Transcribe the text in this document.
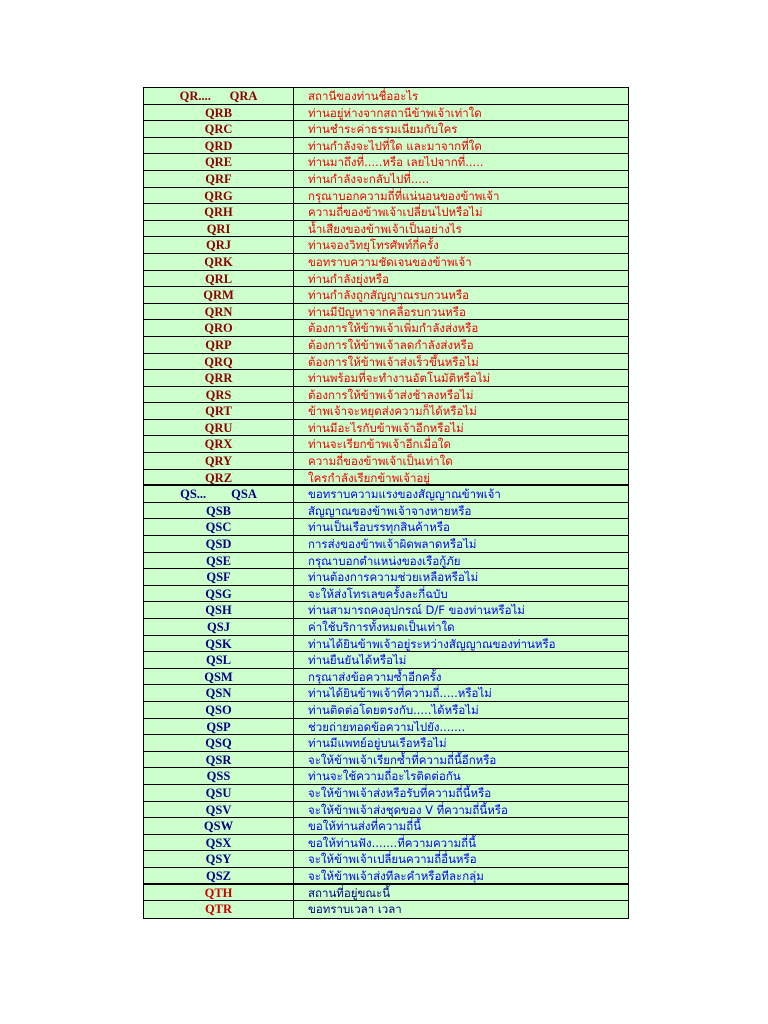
QR....      QRA	สถานีของท่านชื่ออะไร
QRB	ท่านอยู่ห่างจากสถานีข้าพเจ้าเท่าใด
QRC	ท่านชำระค่าธรรมเนียมกับใคร
QRD	ท่านกำลังจะไปที่ใด และมาจากที่ใด
QRE	ท่านมาถึงที่.....หรือ เลยไปจากที่.....
QRF	ท่านกำลังจะกลับไปที่.....
QRG	กรุณาบอกความถี่ที่แน่นอนของข้าพเจ้า
QRH	ความถี่ของข้าพเจ้าเปลี่ยนไปหรือไม่
QRI	น้ำเสียงของข้าพเจ้าเป็นอย่างไร
QRJ	ท่านจองวิทยุโทรศัพท์กี่ครั้ง
QRK	ขอทราบความชัดเจนของข้าพเจ้า
QRL	ท่านกำลังยุ่งหรือ
QRM	ท่านกำลังถูกสัญญาณรบกวนหรือ
QRN	ท่านมีปัญหาจากคลื่อรบกวนหรือ
QRO	ต้องการให้ข้าพเจ้าเพิ่มกำลังส่งหรือ
QRP	ต้องการให้ข้าพเจ้าลดกำลังส่งหรือ
QRQ	ต้องการให้ข้าพเจ้าส่งเร็วขึ้นหรือไม่
QRR	ท่านพร้อมที่จะทำงานอัตโนมัติหรือไม่
QRS	ต้องการให้ข้าพเจ้าส่งช้าลงหรือไม่
QRT	ข้าพเจ้าจะหยุดส่งความก็ได้หรือไม่
QRU	ท่านมีอะไรกับข้าพเจ้าอีกหรือไม่
QRX	ท่านจะเรียกข้าพเจ้าอีกเมื่อใด
QRY	ความถี่ของข้าพเจ้าเป็นเท่าใด
QRZ	ใครกำลังเรียกข้าพเจ้าอยู่
QS...        QSA	ขอทราบความแรงของสัญญาณข้าพเจ้า
QSB	สัญญาณของข้าพเจ้าจางหายหรือ
QSC	ท่านเป็นเรือบรรทุกสินค้าหรือ
QSD	การส่งของข้าพเจ้าผิดพลาดหรือไม่
QSE	กรุณาบอกตำแหน่งของเรือกู้ภัย
QSF	ท่านต้องการความช่วยเหลือหรือไม่
QSG	จะให้ส่งโทรเลขครั้งละกี่ฉบับ
QSH	ท่านสามารถคงอุปกรณ์ D/F ของท่านหรือไม่
QSJ	ค่าใช้บริการทั้งหมดเป็นเท่าใด
QSK	ท่านได้ยินข้าพเจ้าอยู่ระหว่างสัญญาณของท่านหรือ
QSL	ท่านยืนยันได้หรือไม่
QSM	กรุณาส่งข้อความซ้ำอีกครั้ง
QSN	ท่านได้ยินข้าพเจ้าที่ความถี่.....หรือไม่
QSO	ท่านติดต่อโดยตรงกับ.....ได้หรือไม่
QSP	ช่วยถ่ายทอดข้อความไปยัง.......
QSQ	ท่านมีแพทย์อยู่บนเรือหรือไม่
QSR	จะให้ข้าพเจ้าเรียกซ้ำที่ความถี่นี้อีกหรือ
QSS	ท่านจะใช้ความถี่อะไรติดต่อกัน
QSU	จะให้ข้าพเจ้าส่งหรือรับที่ความถี่นี้หรือ
QSV	จะให้ข้าพเจ้าส่งชุดของ V ที่ความถี่นี้หรือ
QSW	ขอให้ท่านส่งที่ความถี่นี้
QSX	ขอให้ท่านฟัง.......ที่ความความถี่นี้
QSY	จะให้ข้าพเจ้าเปลี่ยนความถี่อื่นหรือ
QSZ	จะให้ข้าพเจ้าส่งทีละคำหรือทีละกลุ่ม
QTH	สถานที่อยู่ขณะนี้
QTR	ขอทราบเวลา เวลา
